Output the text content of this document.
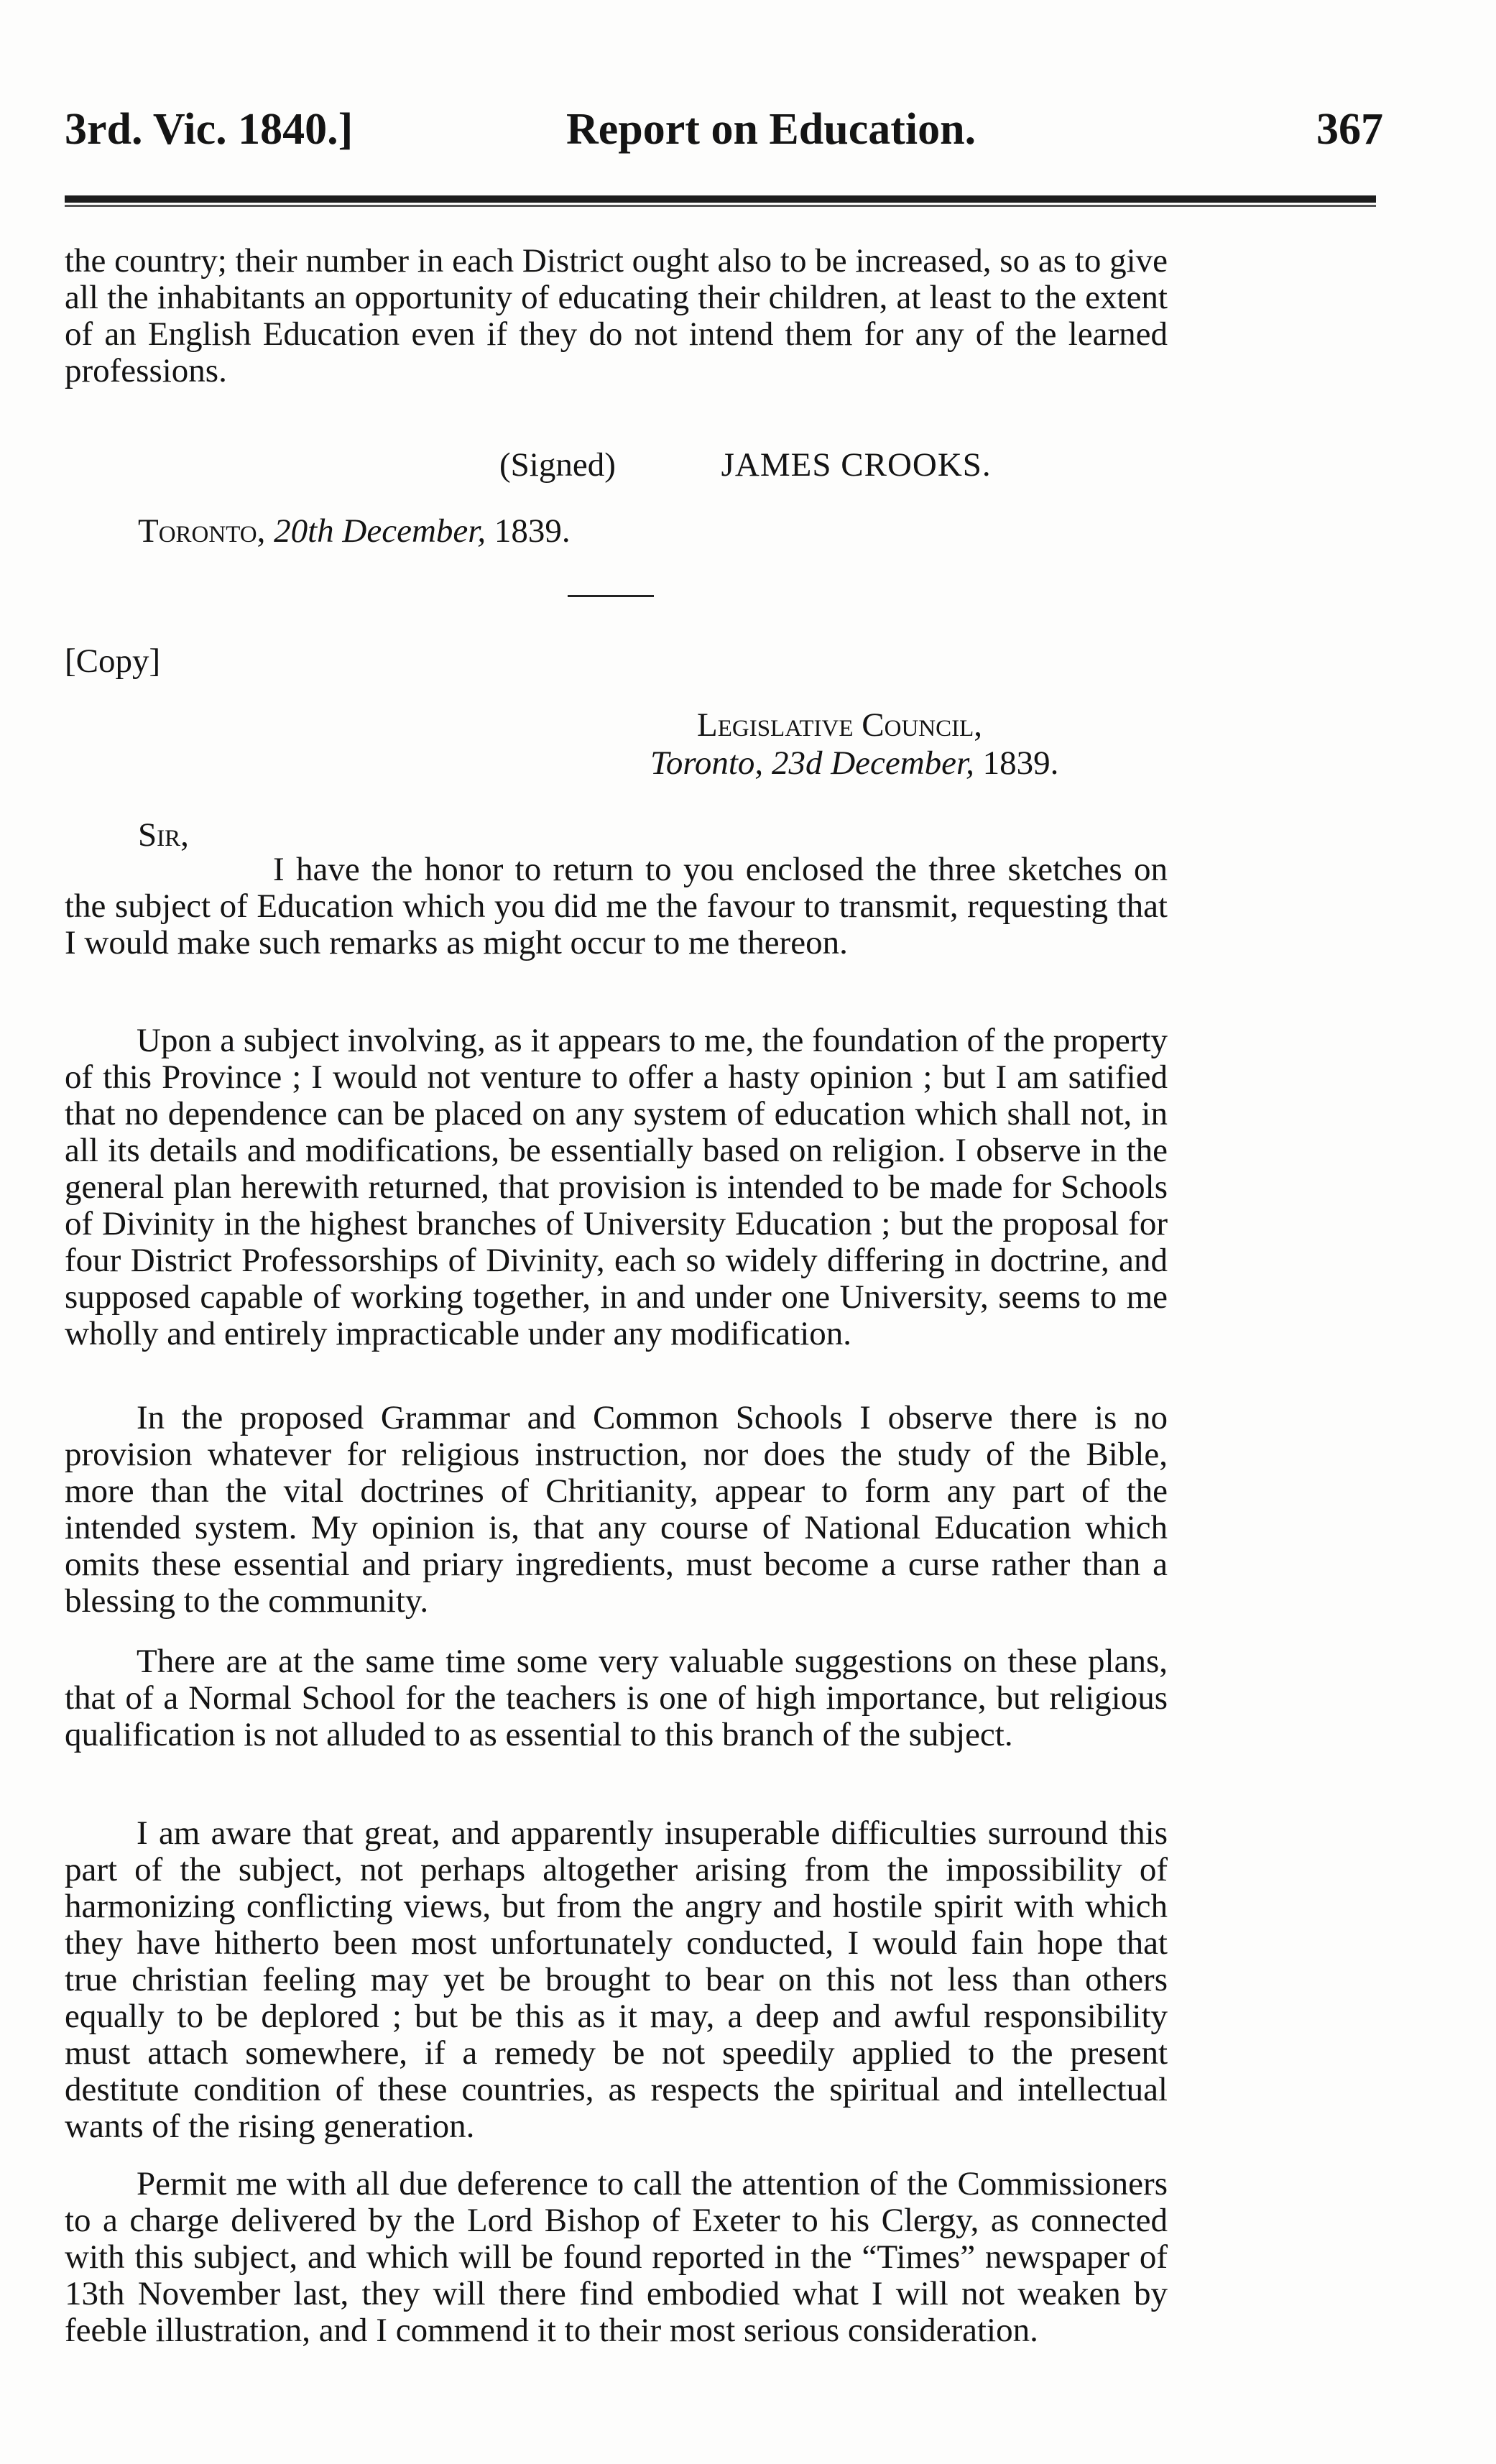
3rd. Vic. 1840.]	Report on Education.	367
the country; their number in each District ought also to be increased, so as to give all the inhabitants an opportunity of educating their children, at least to the extent of an English Education even if they do not intend them for any of the learned professions.
(Signed)	JAMES CROOKS.
Toronto, 20th December, 1839.
[Copy]
Legislative Council,
Toronto, 23d December, 1839.
Sir,
I have the honor to return to you enclosed the three sketches on the subject of Education which you did me the favour to transmit, requesting that I would make such remarks as might occur to me thereon.
Upon a subject involving, as it appears to me, the foundation of the property of this Province ; I would not venture to offer a hasty opinion ; but I am satified that no dependence can be placed on any system of education which shall not, in all its details and modifications, be essentially based on religion. I observe in the general plan herewith returned, that provision is intended to be made for Schools of Divinity in the highest branches of University Education ; but the proposal for four District Professorships of Divinity, each so widely differing in doctrine, and supposed capable of working together, in and under one University, seems to me wholly and entirely impracticable under any modification.
In the proposed Grammar and Common Schools I observe there is no provision whatever for religious instruction, nor does the study of the Bible, more than the vital doctrines of Chritianity, appear to form any part of the intended system. My opinion is, that any course of National Education which omits these essential and priary ingredients, must become a curse rather than a blessing to the community.
There are at the same time some very valuable suggestions on these plans, that of a Normal School for the teachers is one of high importance, but religious qualification is not alluded to as essential to this branch of the subject.
I am aware that great, and apparently insuperable difficulties surround this part of the subject, not perhaps altogether arising from the impossibility of harmonizing conflicting views, but from the angry and hostile spirit with which they have hitherto been most unfortunately conducted, I would fain hope that true christian feeling may yet be brought to bear on this not less than others equally to be deplored ; but be this as it may, a deep and awful responsibility must attach somewhere, if a remedy be not speedily applied to the present destitute condition of these countries, as respects the spiritual and intellectual wants of the rising generation.
Permit me with all due deference to call the attention of the Commissioners to a charge delivered by the Lord Bishop of Exeter to his Clergy, as connected with this subject, and which will be found reported in the “Times” newspaper of 13th November last, they will there find embodied what I will not weaken by feeble illustration, and I commend it to their most serious consideration.
